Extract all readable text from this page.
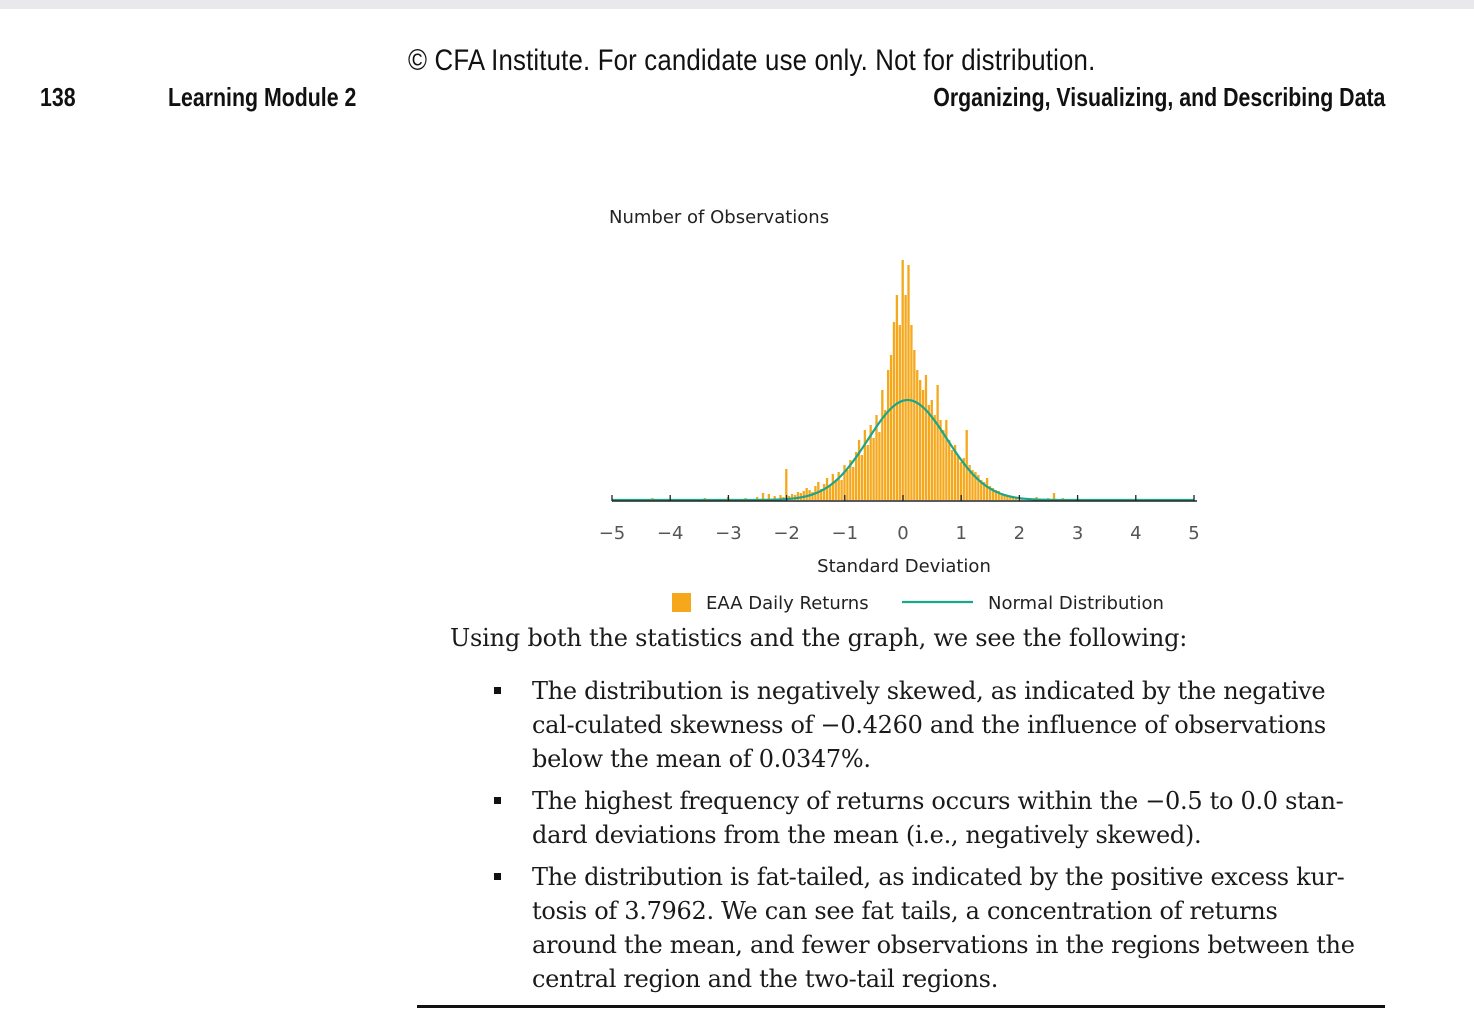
© CFA Institute. For candidate use only. Not for distribution.
138	Learning Module 2	Organizing, Visualizing, and Describing Data
Number of Observations
−5 −4 −3 −2 −1 0	1	2	3	4	5
Standard Deviation
EAA Daily Returns	Normal Distribution
Using both the statistics and the graph, we see the following:
The distribution is negatively skewed, as indicated by the negative cal-culated skewness of −0.4260 and the influence of observations below the mean of 0.0347%.
The highest frequency of returns occurs within the −0.5 to 0.0 stan-dard deviations from the mean (i.e., negatively skewed).
The distribution is fat-tailed, as indicated by the positive excess kur-tosis of 3.7962. We can see fat tails, a concentration of returns around the mean, and fewer observations in the regions between the central region and the two-tail regions.
